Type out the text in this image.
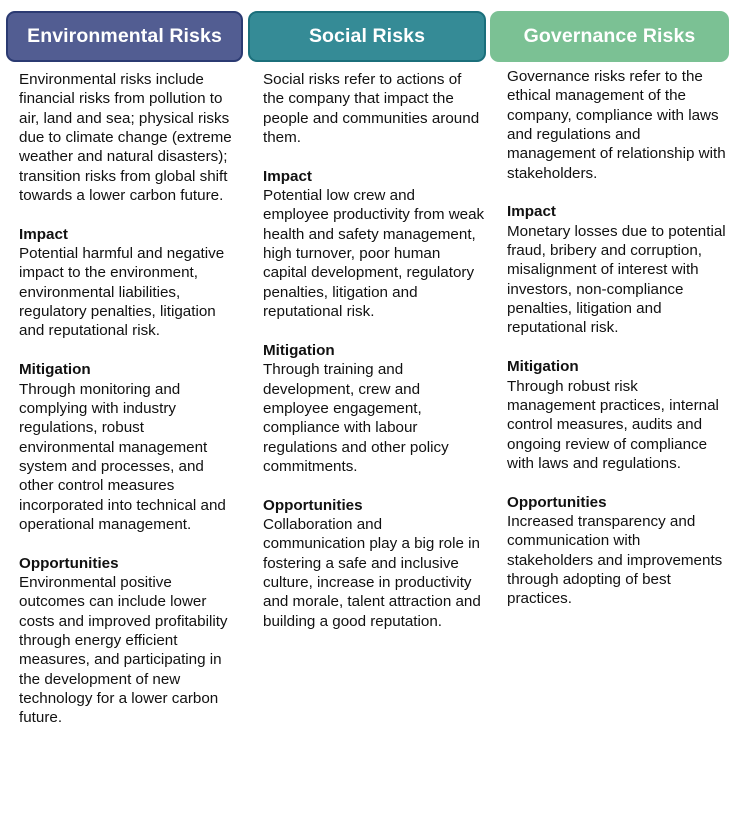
Environmental Risks	Social Risks	Governance Risks

Environmental risks include financial risks from pollution to air, land and sea; physical risks due to climate change (extreme weather and natural disasters); transition risks from global shift towards a lower carbon future.

Impact
Potential harmful and negative impact to the environment, environmental liabilities, regulatory penalties, litigation and reputational risk.
Mitigation
Through monitoring and complying with industry regulations, robust environmental management system and processes, and other control measures incorporated into technical and operational management.
Opportunities
Environmental positive outcomes can include lower costs and improved profitability through energy efficient measures, and participating in the development of new technology for a lower carbon future.

Social risks refer to actions of the company that impact the people and communities around them.

Impact
Potential low crew and employee productivity from weak health and safety management, high turnover, poor human capital development, regulatory penalties, litigation and reputational risk.
Mitigation
Through training and development, crew and employee engagement, compliance with labour regulations and other policy commitments.
Opportunities
Collaboration and communication play a big role in fostering a safe and inclusive culture, increase in productivity and morale, talent attraction and building a good reputation.

Governance risks refer to the ethical management of the company, compliance with laws and regulations and management of relationship with stakeholders.

Impact
Monetary losses due to potential fraud, bribery and corruption, misalignment of interest with investors, non-compliance penalties, litigation and reputational risk.
Mitigation
Through robust risk management practices, internal control measures, audits and ongoing review of compliance with laws and regulations.
Opportunities
Increased transparency and communication with stakeholders and improvements through adopting of best practices.
